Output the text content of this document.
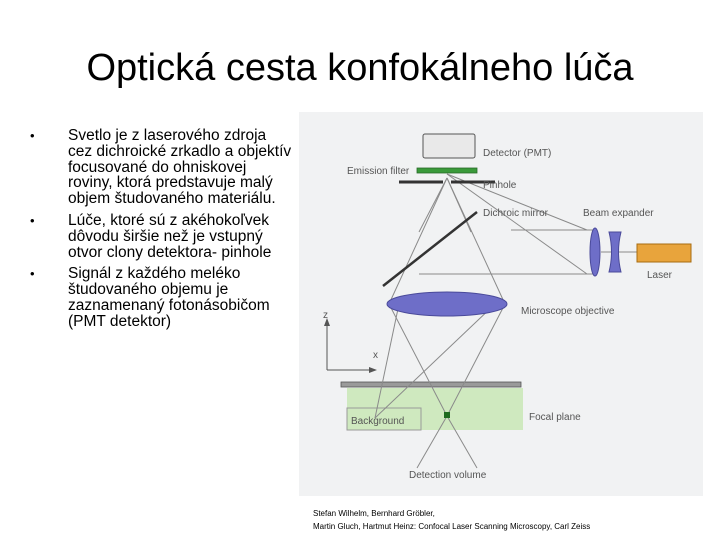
Optická cesta konfokálneho lúča
• Svetlo je z laserového zdroja cez dichroické zrkadlo a objektív focusované do ohniskovej roviny, ktorá predstavuje malý objem študovaného materiálu.
• Lúče, ktoré sú z akéhokoľvek dôvodu širšie než je vstupný otvor clony detektora- pinhole
• Signál z každého meléko študovaného objemu je zaznamenaný fotonásobičom (PMT detektor)
Detector (PMT)
Emission filter
Pinhole
Dichroic mirror	Beam expander
Laser
Microscope objective
z
x
Background	Focal plane
Detection volume
Stefan Wilhelm, Bernhard Gröbler,
Martin Gluch, Hartmut Heinz: Confocal Laser Scanning Microscopy, Carl Zeiss
